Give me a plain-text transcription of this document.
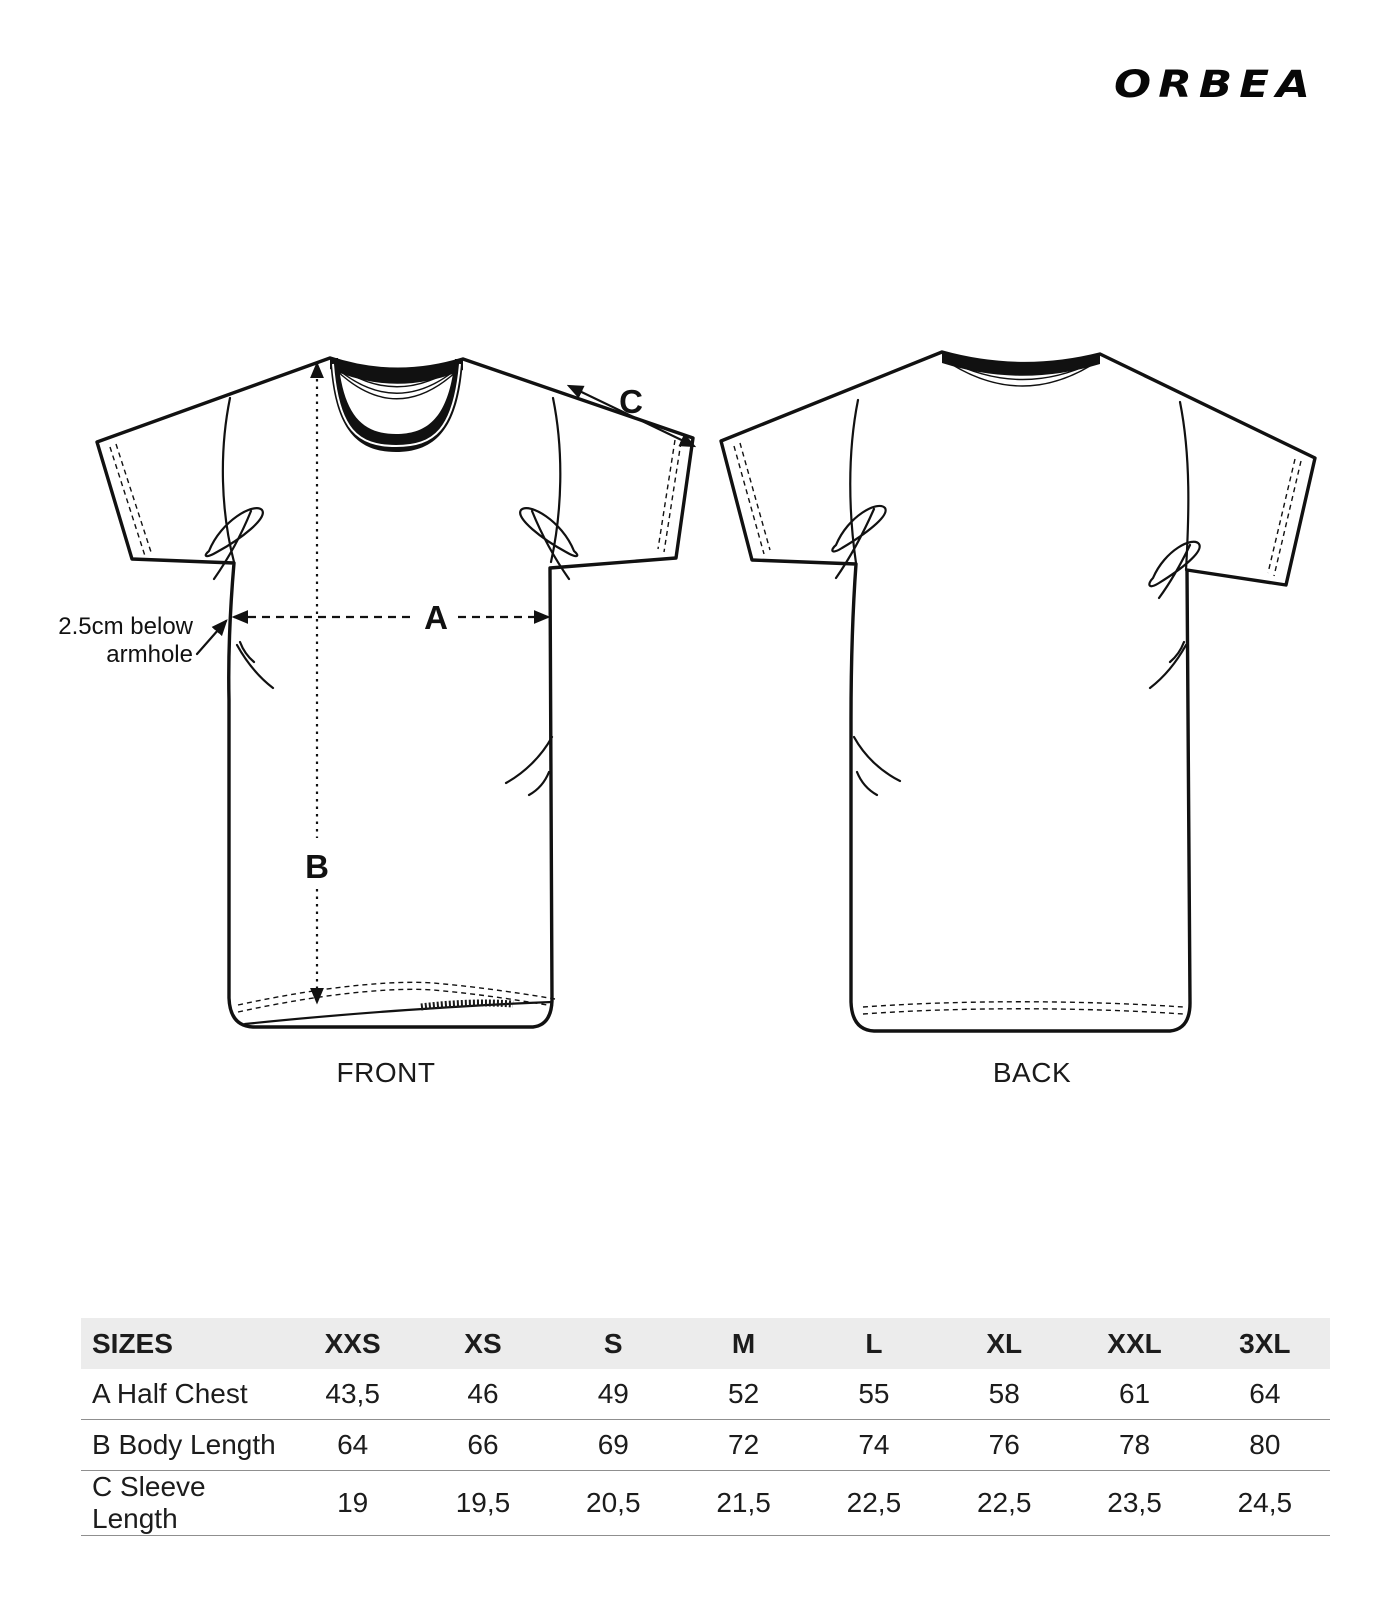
ORBEA
A
B
C
2.5cm below
armhole
FRONT	BACK
SIZES	XXS	XS	S	M	L	XL	XXL	3XL
A Half Chest	43,5	46	49	52	55	58	61	64
B Body Length	64	66	69	72	74	76	78	80
C Sleeve Length	19	19,5	20,5	21,5	22,5	22,5	23,5	24,5
